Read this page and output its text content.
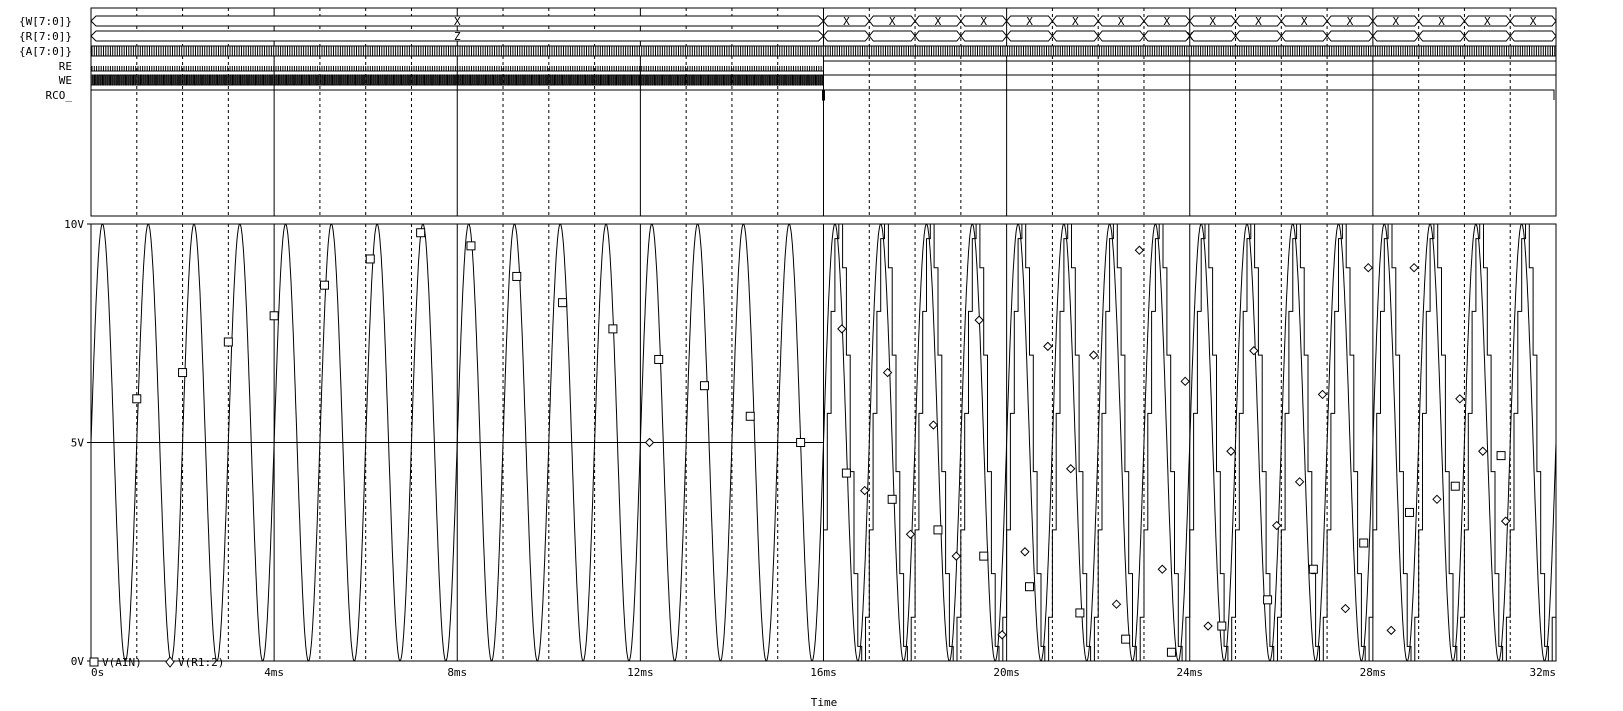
{W[7:0]}	X	X	X	X	X	X	X	X	X	X	X	X	X	X	X	X	X
{R[7:0]}	Z	X
{A[7:0]}
RE
WE
RCO_
0s	4ms	8ms	12ms	16ms	20ms	24ms	28ms	32ms
0V
5V
10V
V(AIN)	V(R1:2)
Time
